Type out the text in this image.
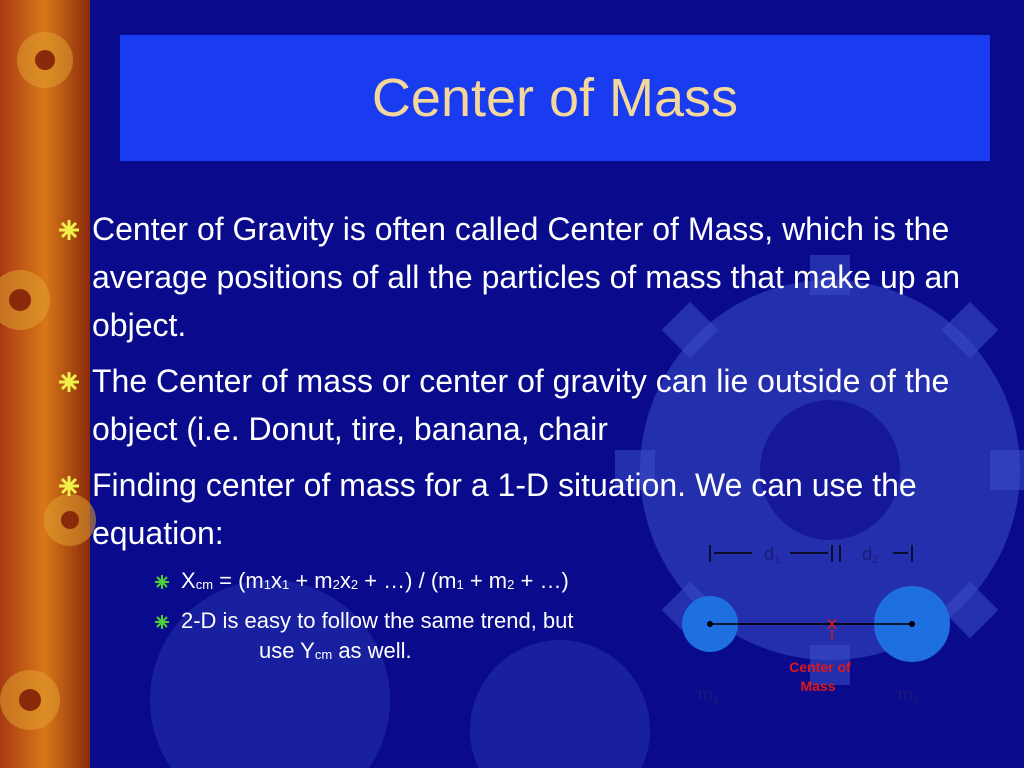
Center of Mass
Center of Gravity is often called Center of Mass, which is the average positions of all the particles of mass that make up an object.
The Center of mass or center of gravity can lie outside of the object (i.e. Donut, tire, banana, chair
Finding center of mass for a 1-D situation. We can use the equation:
$X_{cm} = (m_1x_1 + m_2x_2$ + …) / ($m_1 + m_2$ + …)
2-D is easy to follow the same trend, but
use $Y_{cm}$ as well.
d1	d2
$m_1$	$m_2$
Center of
Mass
